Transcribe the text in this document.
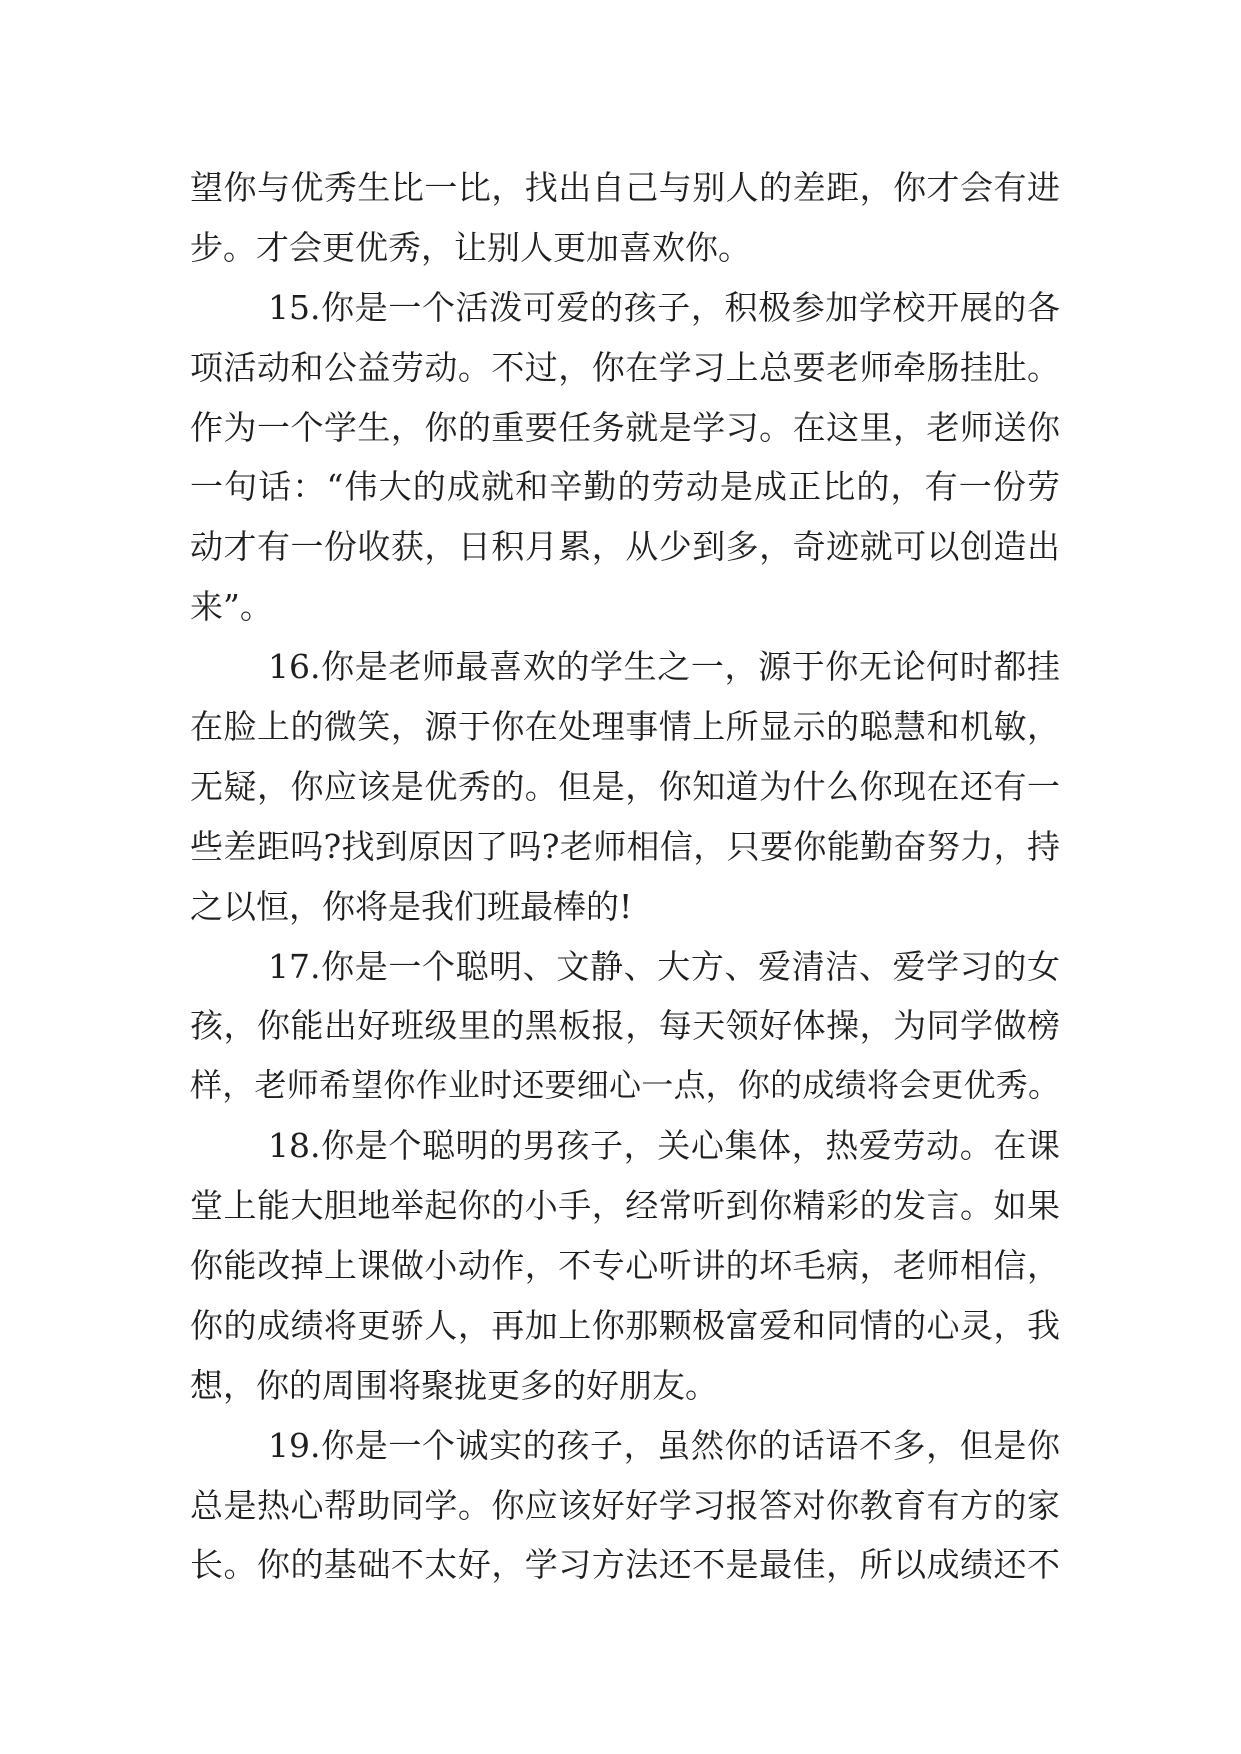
望你与优秀生比一比，找出自己与别人的差距，你才会有进
步。才会更优秀，让别人更加喜欢你。
15.你是一个活泼可爱的孩子，积极参加学校开展的各
项活动和公益劳动。不过，你在学习上总要老师牵肠挂肚。
作为一个学生，你的重要任务就是学习。在这里，老师送你
一句话：“伟大的成就和辛勤的劳动是成正比的，有一份劳
动才有一份收获，日积月累，从少到多，奇迹就可以创造出
来”。
16.你是老师最喜欢的学生之一，源于你无论何时都挂
在脸上的微笑，源于你在处理事情上所显示的聪慧和机敏，
无疑，你应该是优秀的。但是，你知道为什么你现在还有一
些差距吗?找到原因了吗?老师相信，只要你能勤奋努力，持
之以恒，你将是我们班最棒的!
17.你是一个聪明、文静、大方、爱清洁、爱学习的女
孩，你能出好班级里的黑板报，每天领好体操，为同学做榜
样，老师希望你作业时还要细心一点，你的成绩将会更优秀。
18.你是个聪明的男孩子，关心集体，热爱劳动。在课
堂上能大胆地举起你的小手，经常听到你精彩的发言。如果
你能改掉上课做小动作，不专心听讲的坏毛病，老师相信，
你的成绩将更骄人，再加上你那颗极富爱和同情的心灵，我
想，你的周围将聚拢更多的好朋友。
19.你是一个诚实的孩子，虽然你的话语不多，但是你
总是热心帮助同学。你应该好好学习报答对你教育有方的家
长。你的基础不太好，学习方法还不是最佳，所以成绩还不
